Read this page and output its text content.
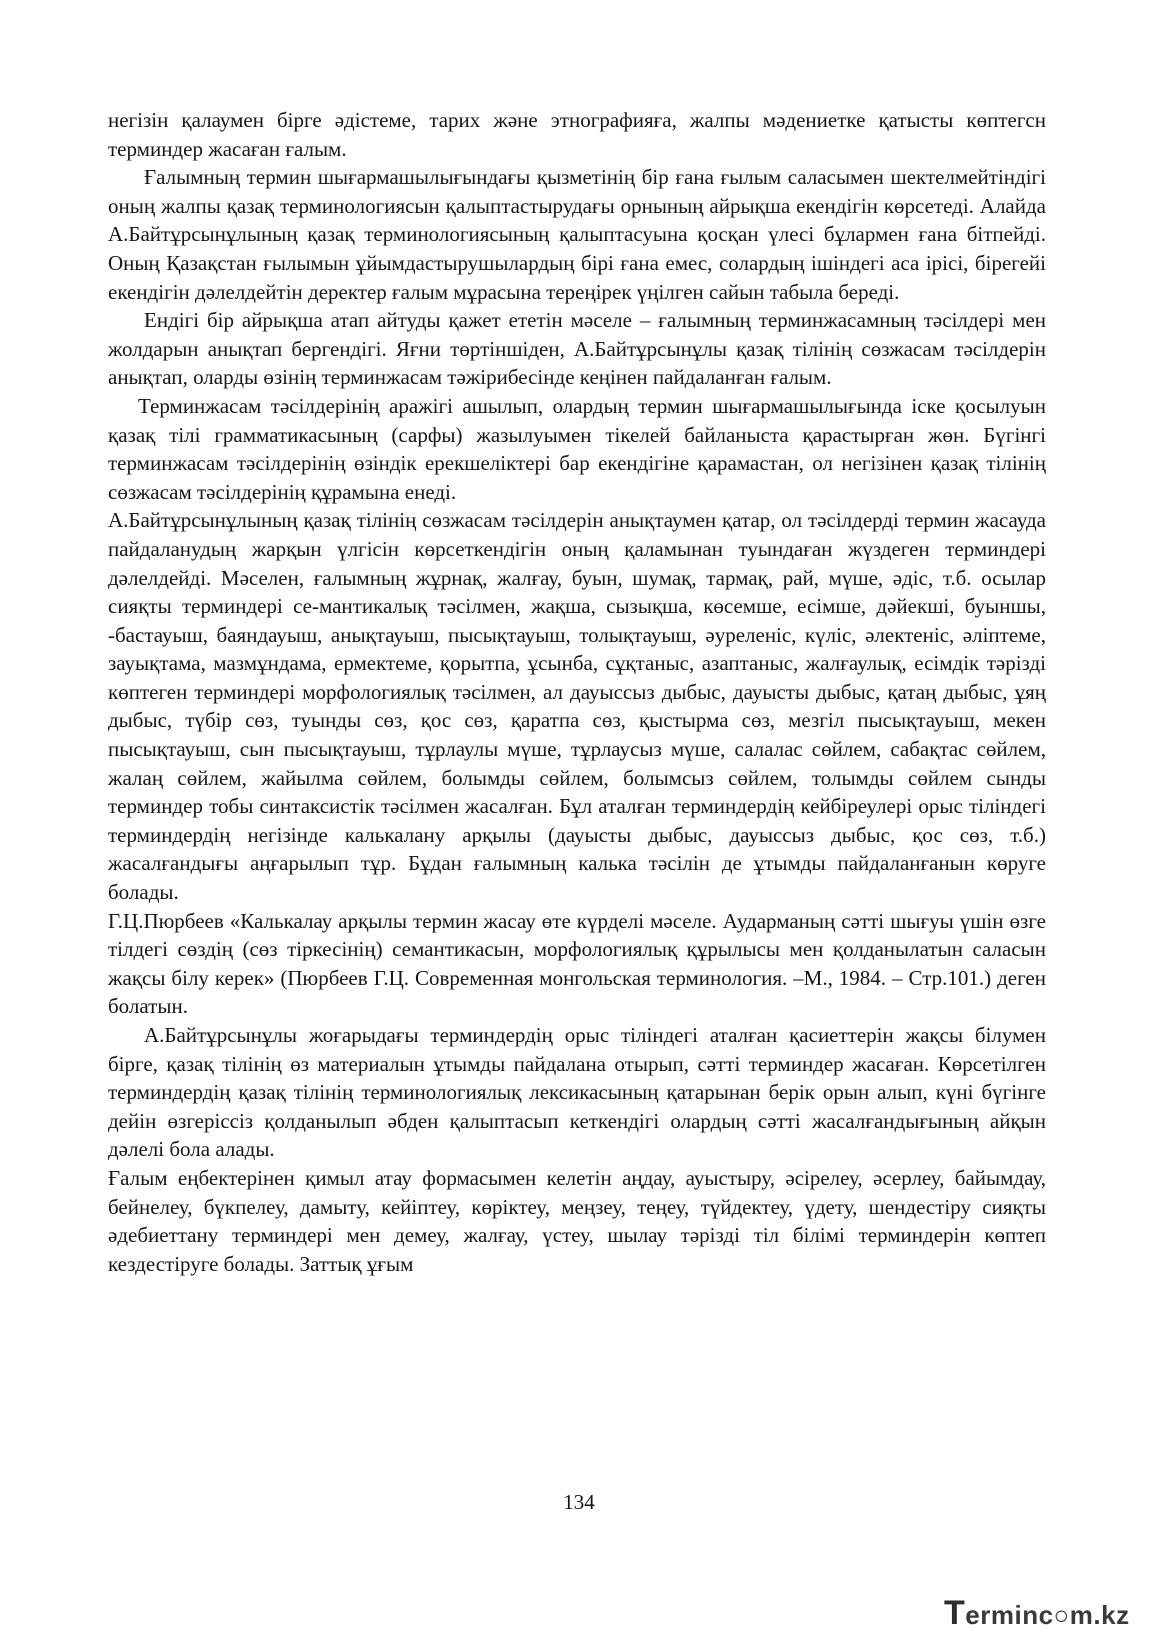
негізін қалаумен бірге әдістеме, тарих және этнографияға, жалпы мәдениетке қатысты көптегсн терминдер жасаған ғалым.

Ғалымның термин шығармашылығындағы қызметінің бір ғана ғылым саласымен шектелмейтіндігі оның жалпы қазақ терминологиясын қалыптастырудағы орнының айрықша екендігін көрсетеді. Алайда А.Байтұрсынұлының қазақ терминологиясының қалыптасуына қосқан үлесі бұлармен ғана бітпейді. Оның Қазақстан ғылымын ұйымдастырушылардың бірі ғана емес, солардың ішіндегі аса ірісі, бірегейі екендігін дәлелдейтін деректер ғалым мұрасына тереңірек үңілген сайын табыла береді.

Ендігі бір айрықша атап айтуды қажет ететін мәселе – ғалымның терминжасамның тәсілдері мен жолдарын анықтап бергендігі. Яғни төртіншіден, А.Байтұрсынұлы қазақ тілінің сөзжасам тәсілдерін анықтап, оларды өзінің терминжасам тәжірибесінде кеңінен пайдаланған ғалым.

Терминжасам тәсілдерінің аражігі ашылып, олардың термин шығармашылығында іске қосылуын қазақ тілі грамматикасының (сарфы) жазылуымен тікелей байланыста қарастырған жөн. Бүгінгі терминжасам тәсілдерінің өзіндік ерекшеліктері бар екендігіне қарамастан, ол негізінен қазақ тілінің сөзжасам тәсілдерінің құрамына енеді.

А.Байтұрсынұлының қазақ тілінің сөзжасам тәсілдерін анықтаумен қатар, ол тәсілдерді термин жасауда пайдаланудың жарқын үлгісін көрсеткендігін оның қаламынан туындаған жүздеген терминдері дәлелдейді. Мәселен, ғалымның жұрнақ, жалғау, буын, шумақ, тармақ, рай, мүше, әдіс, т.б. осылар сияқты терминдері се-мантикалық тәсілмен, жақша, сызықша, көсемше, есімше, дәйекші, буыншы, -бастауыш, баяндауыш, анықтауыш, пысықтауыш, толықтауыш, әуреленіс, күліс, әлектеніс, әліптеме, зауықтама, мазмұндама, ермектеме, қорытпа, ұсынба, сұқтаныс, азаптаныс, жалғаулық, есімдік тәрізді көптеген терминдері морфологиялық тәсілмен, ал дауыссыз дыбыс, дауысты дыбыс, қатаң дыбыс, ұяң дыбыс, түбір сөз, туынды сөз, қос сөз, қаратпа сөз, қыстырма сөз, мезгіл пысықтауыш, мекен пысықтауыш, сын пысықтауыш, тұрлаулы мүше, тұрлаусыз мүше, салалас сөйлем, сабақтас сөйлем, жалаң сөйлем, жайылма сөйлем, болымды сөйлем, болымсыз сөйлем, толымды сөйлем сынды терминдер тобы синтаксистік тәсілмен жасалған. Бұл аталған терминдердің кейбіреулері орыс тіліндегі терминдердің негізінде калькалану арқылы (дауысты дыбыс, дауыссыз дыбыс, қос сөз, т.б.) жасалғандығы аңғарылып тұр. Бұдан ғалымның калька тәсілін де ұтымды пайдаланғанын көруге болады.

Г.Ц.Пюрбеев «Калькалау арқылы термин жасау өте күрделі мәселе. Аударманың сәтті шығуы үшін өзге тілдегі сөздің (сөз тіркесінің) семантикасын, морфологиялық құрылысы мен қолданылатын саласын жақсы білу керек» (Пюрбеев Г.Ц. Современная монгольская терминология. –М., 1984. – Стр.101.) деген болатын.

А.Байтұрсынұлы жоғарыдағы терминдердің орыс тіліндегі аталған қасиеттерін жақсы білумен бірге, қазақ тілінің өз материалын ұтымды пайдалана отырып, сәтті терминдер жасаған. Көрсетілген терминдердің қазақ тілінің терминологиялық лексикасының қатарынан берік орын алып, күні бүгінге дейін өзгеріссіз қолданылып әбден қалыптасып кеткендігі олардың сәтті жасалғандығының айқын дәлелі бола алады.

Ғалым еңбектерінен қимыл атау формасымен келетін аңдау, ауыстыру, әсірелеу, әсерлеу, байымдау, бейнелеу, бүкпелеу, дамыту, кейіптеу, көріктеу, меңзеу, теңеу, түйдектеу, үдету, шендестіру сияқты әдебиеттану терминдері мен демеу, жалғау, үстеу, шылау тәрізді тіл білімі терминдерін көптеп кездестіруге болады. Заттық ұғым

134
Terminc○m.kz
